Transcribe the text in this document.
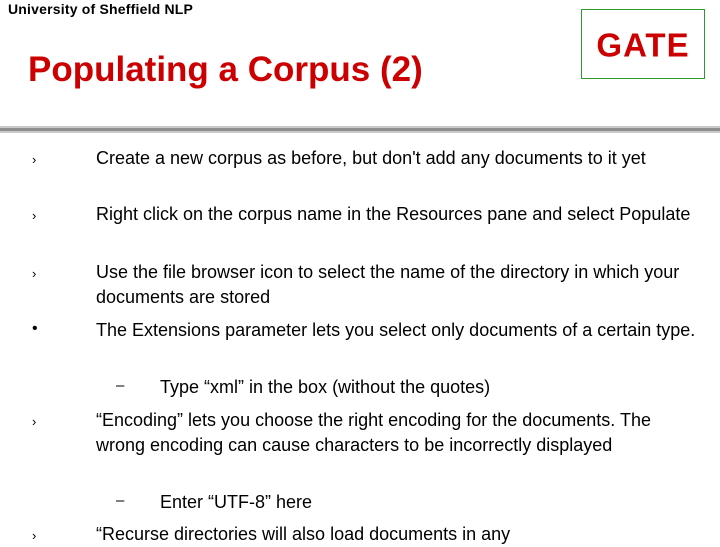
University of Sheffield NLP
Populating a Corpus (2)
GATE
›	Create a new corpus as before, but don't add any documents to it yet
›	Right click on the corpus name in the Resources pane and select Populate
›	Use the file browser icon to select the name of the directory in which your documents are stored
•	The Extensions parameter lets you select only documents of a certain type.
– Type “xml” in the box (without the quotes)
›	“Encoding” lets you choose the right encoding for the documents. The wrong encoding can cause characters to be incorrectly displayed
– Enter “UTF-8” here
›	“Recurse directories will also load documents in any
